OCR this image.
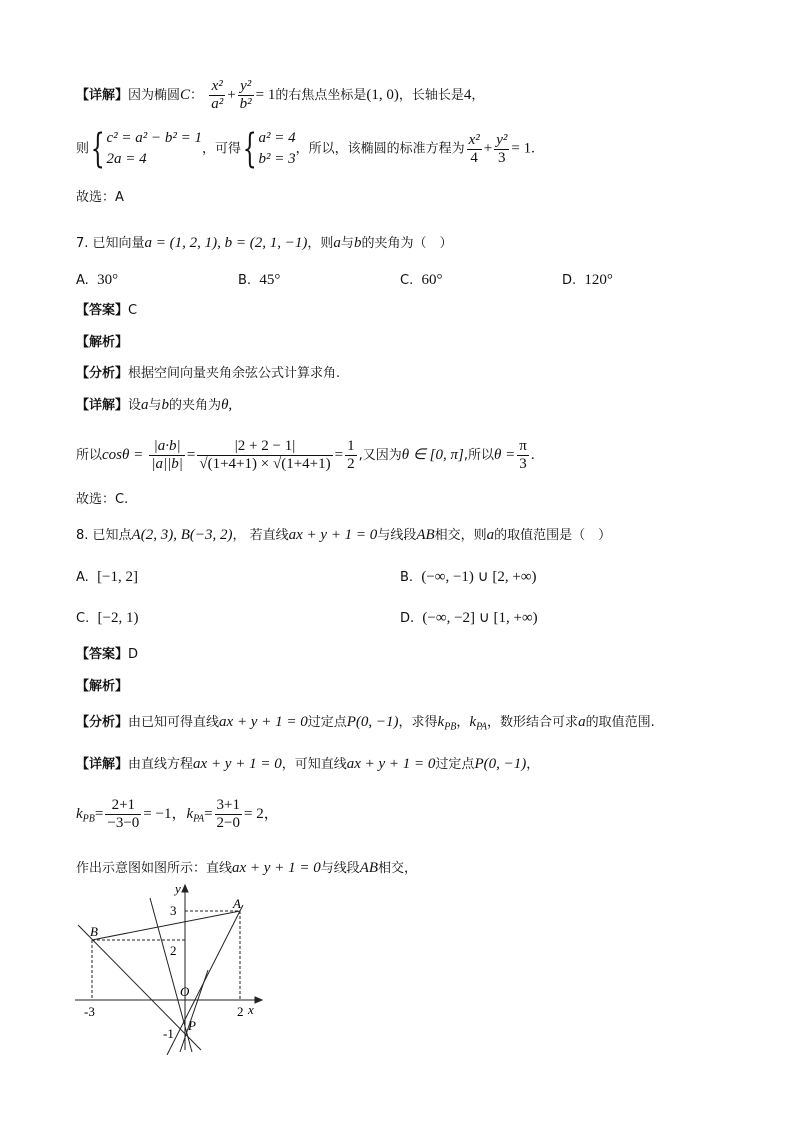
【详解】因为椭圆C： $\frac{\text{x²}}{\text{a²}} + \frac{\text{y²}}{\text{b²}} = 1$的右焦点坐标是(1, 0)，长轴长是4，
则{ c² = a² − b² = 1
2a = 4
，可得{ a² = 4
b² = 3
，所以，该椭圆的标准方程为 $\frac{\text{x²}}{4} + \frac{\text{y²}}{3} = 1$.
故选：A
7. 已知向量a = (1, 2, 1), b = (2, 1, −1)，则a与b的夹角为（　）
A. 30°	B. 45°	C. 60°	D. 120°
【答案】C
【解析】
【分析】根据空间向量夹角余弦公式计算求角.
【详解】设a与b的夹角为θ,
所以$\cos\theta = \frac{|a\cdot b|}{|a||b|} = \frac{|2 + 2 - 1|}{√(1+4+1) \times √(1+4+1)} = \frac{1}{2}$ ,又因为θ ∈ [0, π],所以$\theta = \frac{\pi}{3}$ .
故选：C.
8. 已知点A(2, 3), B(−3, 2)， 若直线ax + y + 1 = 0与线段AB相交，则a的取值范围是（　）
A. [−1, 2]	B. (−∞, −1) ∪ [2, +∞)
C. [−2, 1)	D. (−∞, −2] ∪ [1, +∞)
【答案】D
【解析】
【分析】由已知可得直线ax + y + 1 = 0过定点P(0, −1)，求得$k_{PB}$，$k_{PA}$，数形结合可求a的取值范围.
【详解】由直线方程ax + y + 1 = 0，可知直线ax + y + 1 = 0过定点P(0, −1)，
$k_{PB}= \frac{2+1}{-3-0} = -1$，$k_{PA}= \frac{3+1}{2-0} = 2$，
作出示意图如图所示：直线ax + y + 1 = 0与线段AB相交，
y
x
A
B
O
P
3
2
-3	2
-1
